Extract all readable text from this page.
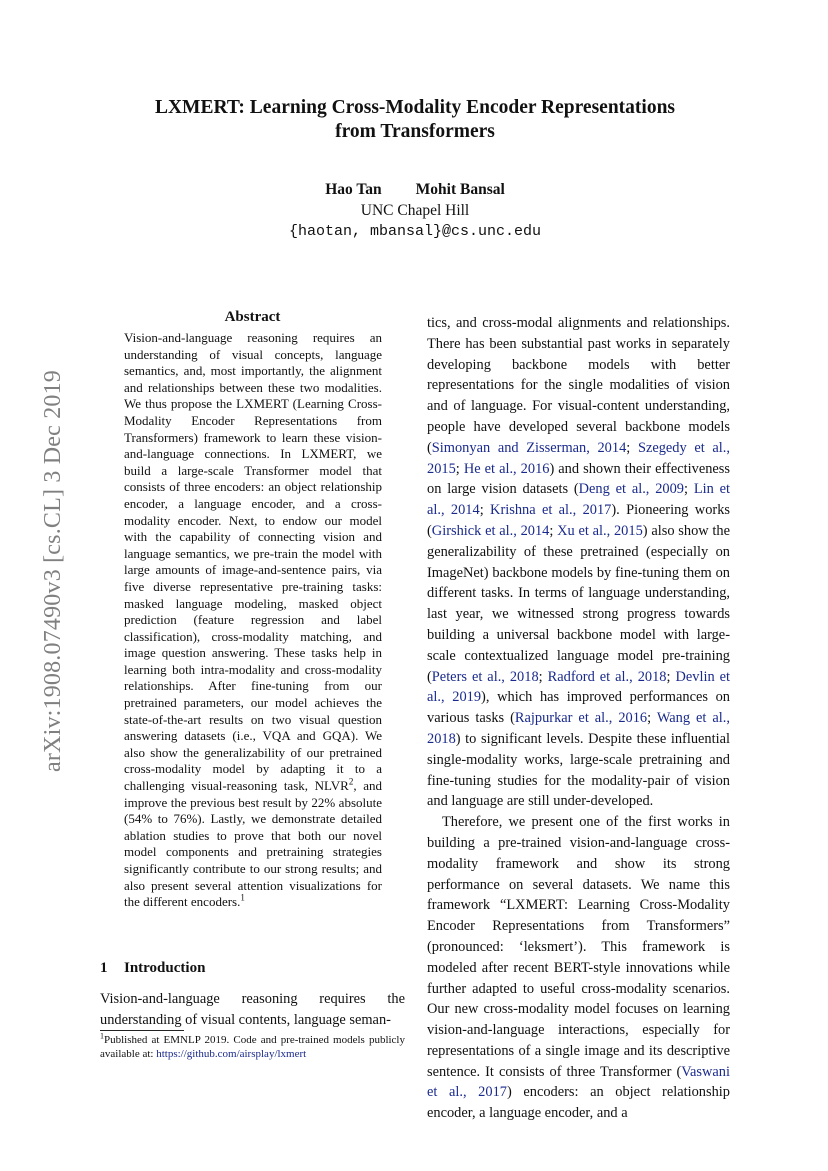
arXiv:1908.07490v3 [cs.CL] 3 Dec 2019
LXMERT: Learning Cross-Modality Encoder Representations
from Transformers
Hao Tan Mohit Bansal
UNC Chapel Hill
{haotan, mbansal}@cs.unc.edu
Abstract
Vision-and-language reasoning requires an understanding of visual concepts, language semantics, and, most importantly, the alignment and relationships between these two modalities. We thus propose the LXMERT (Learning Cross-Modality Encoder Representations from Transformers) framework to learn these vision-and-language connections. In LXMERT, we build a large-scale Transformer model that consists of three encoders: an object relationship encoder, a language encoder, and a cross-modality encoder. Next, to endow our model with the capability of connecting vision and language semantics, we pre-train the model with large amounts of image-and-sentence pairs, via five diverse representative pre-training tasks: masked language modeling, masked object prediction (feature regression and label classification), cross-modality matching, and image question answering. These tasks help in learning both intra-modality and cross-modality relationships. After fine-tuning from our pretrained parameters, our model achieves the state-of-the-art results on two visual question answering datasets (i.e., VQA and GQA). We also show the generalizability of our pretrained cross-modality model by adapting it to a challenging visual-reasoning task, NLVR$^2$, and improve the previous best result by 22% absolute (54% to 76%). Lastly, we demonstrate detailed ablation studies to prove that both our novel model components and pretraining strategies significantly contribute to our strong results; and also present several attention visualizations for the different encoders.$^1$
1 Introduction
Vision-and-language reasoning requires the understanding of visual contents, language seman-
$^1$Published at EMNLP 2019. Code and pre-trained models publicly available at: https://github.com/airsplay/lxmert

tics, and cross-modal alignments and relationships. There has been substantial past works in separately developing backbone models with better representations for the single modalities of vision and of language. For visual-content understanding, people have developed several backbone models (Simonyan and Zisserman, 2014; Szegedy et al., 2015; He et al., 2016) and shown their effectiveness on large vision datasets (Deng et al., 2009; Lin et al., 2014; Krishna et al., 2017). Pioneering works (Girshick et al., 2014; Xu et al., 2015) also show the generalizability of these pretrained (especially on ImageNet) backbone models by fine-tuning them on different tasks. In terms of language understanding, last year, we witnessed strong progress towards building a universal backbone model with large-scale contextualized language model pre-training (Peters et al., 2018; Radford et al., 2018; Devlin et al., 2019), which has improved performances on various tasks (Rajpurkar et al., 2016; Wang et al., 2018) to significant levels. Despite these influential single-modality works, large-scale pretraining and fine-tuning studies for the modality-pair of vision and language are still under-developed.

Therefore, we present one of the first works in building a pre-trained vision-and-language cross-modality framework and show its strong performance on several datasets. We name this framework “LXMERT: Learning Cross-Modality Encoder Representations from Transformers” (pronounced: ‘leksmert’). This framework is modeled after recent BERT-style innovations while further adapted to useful cross-modality scenarios. Our new cross-modality model focuses on learning vision-and-language interactions, especially for representations of a single image and its descriptive sentence. It consists of three Transformer (Vaswani et al., 2017) encoders: an object relationship encoder, a language encoder, and a
